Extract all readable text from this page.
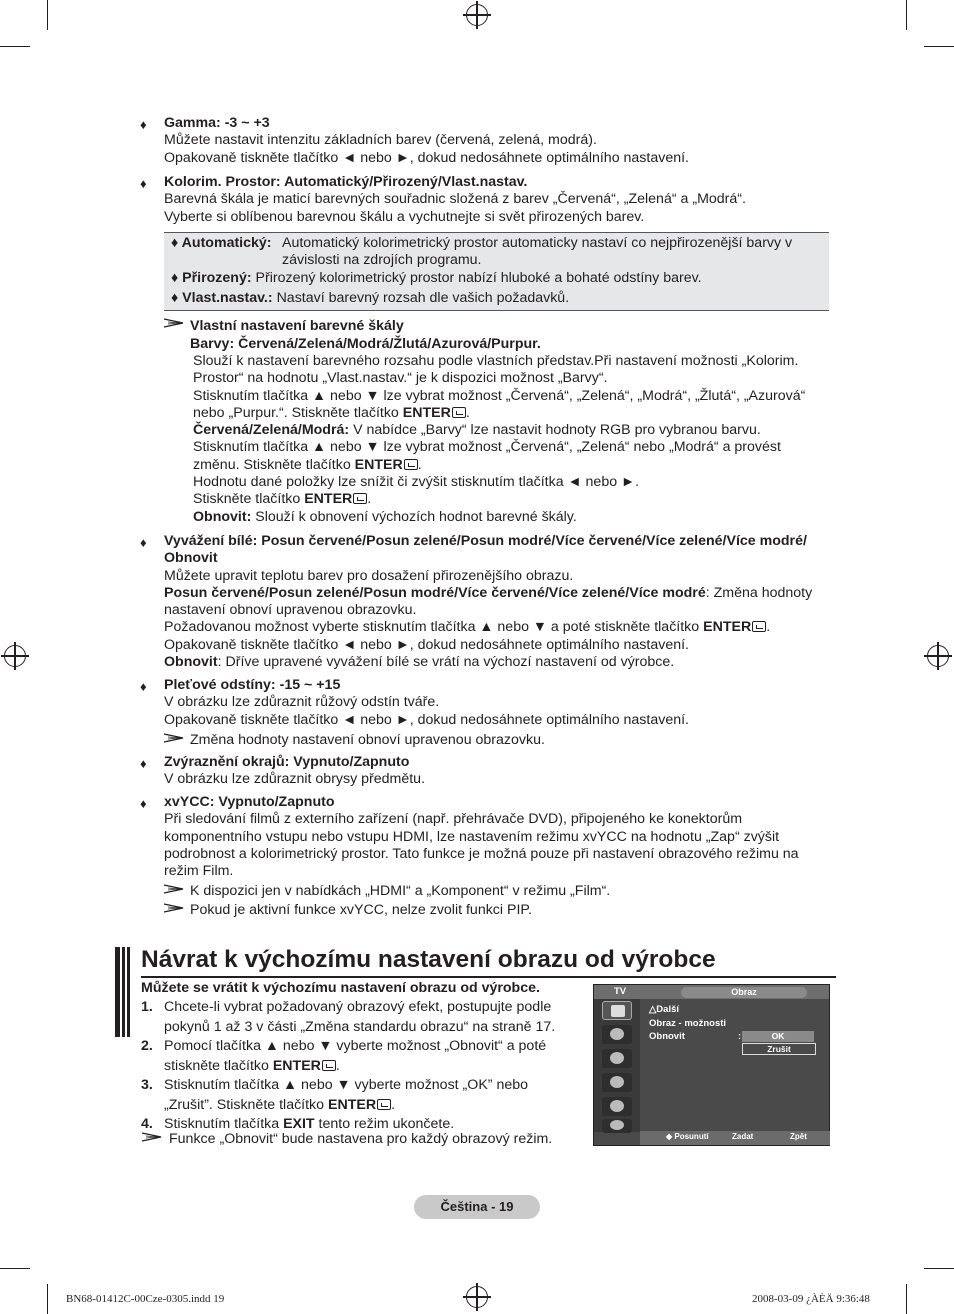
♦ Gamma: -3 ~ +3
Můžete nastavit intenzitu základních barev (červená, zelená, modrá).
Opakovaně tiskněte tlačítko ◄ nebo ►, dokud nedosáhnete optimálního nastavení.
♦ Kolorim. Prostor: Automatický/Přirozený/Vlast.nastav.
Barevná škála je maticí barevných souřadnic složená z barev „Červená“, „Zelená“ a „Modrá“.
Vyberte si oblíbenou barevnou škálu a vychutnejte si svět přirozených barev.
♦ Automatický: Automatický kolorimetrický prostor automaticky nastaví co nejpřirozenější barvy v
závislosti na zdrojích programu.
♦ Přirozený: Přirozený kolorimetrický prostor nabízí hluboké a bohaté odstíny barev.
♦ Vlast.nastav.: Nastaví barevný rozsah dle vašich požadavků.
Vlastní nastavení barevné škály
Barvy: Červená/Zelená/Modrá/Žlutá/Azurová/Purpur.
Slouží k nastavení barevného rozsahu podle vlastních představ.Při nastavení možnosti „Kolorim.
Prostor“ na hodnotu „Vlast.nastav.“ je k dispozici možnost „Barvy“.
Stisknutím tlačítka ▲ nebo ▼ lze vybrat možnost „Červená“, „Zelená“, „Modrá“, „Žlutá“, „Azurová“
nebo „Purpur.“. Stiskněte tlačítko ENTER .
Červená/Zelená/Modrá: V nabídce „Barvy“ lze nastavit hodnoty RGB pro vybranou barvu.
Stisknutím tlačítka ▲ nebo ▼ lze vybrat možnost „Červená“, „Zelená“ nebo „Modrá“ a provést
změnu. Stiskněte tlačítko ENTER .
Hodnotu dané položky lze snížit či zvýšit stisknutím tlačítka ◄ nebo ►.
Stiskněte tlačítko ENTER .
Obnovit: Slouží k obnovení výchozích hodnot barevné škály.
♦ Vyvážení bílé: Posun červené/Posun zelené/Posun modré/Více červené/Více zelené/Více modré/
Obnovit
Můžete upravit teplotu barev pro dosažení přirozenějšího obrazu.
Posun červené/Posun zelené/Posun modré/Více červené/Více zelené/Více modré: Změna hodnoty
nastavení obnoví upravenou obrazovku.
Požadovanou možnost vyberte stisknutím tlačítka ▲ nebo ▼ a poté stiskněte tlačítko ENTER .
Opakovaně tiskněte tlačítko ◄ nebo ►, dokud nedosáhnete optimálního nastavení.
Obnovit: Dříve upravené vyvážení bílé se vrátí na výchozí nastavení od výrobce.
♦ Pleťové odstíny: -15 ~ +15
V obrázku lze zdůraznit růžový odstín tváře.
Opakovaně tiskněte tlačítko ◄ nebo ►, dokud nedosáhnete optimálního nastavení.
Změna hodnoty nastavení obnoví upravenou obrazovku.
♦ Zvýraznění okrajů: Vypnuto/Zapnuto
V obrázku lze zdůraznit obrysy předmětu.
♦ xvYCC: Vypnuto/Zapnuto
Při sledování filmů z externího zařízení (např. přehrávače DVD), připojeného ke konektorům
komponentního vstupu nebo vstupu HDMI, lze nastavením režimu xvYCC na hodnotu „Zap“ zvýšit
podrobnost a kolorimetrický prostor. Tato funkce je možná pouze při nastavení obrazového režimu na
režim Film.
K dispozici jen v nabídkách „HDMI“ a „Komponent“ v režimu „Film“.
Pokud je aktivní funkce xvYCC, nelze zvolit funkci PIP.
Návrat k výchozímu nastavení obrazu od výrobce
Můžete se vrátit k výchozímu nastavení obrazu od výrobce.
1. Chcete-li vybrat požadovaný obrazový efekt, postupujte podle
pokynů 1 až 3 v části „Změna standardu obrazu“ na straně 17.
2. Pomocí tlačítka ▲ nebo ▼ vyberte možnost „Obnovit“ a poté
stiskněte tlačítko ENTER .
3. Stisknutím tlačítka ▲ nebo ▼ vyberte možnost „OK” nebo
„Zrušit”. Stiskněte tlačítko ENTER .
4. Stisknutím tlačítka EXIT tento režim ukončete.
Funkce „Obnovit“ bude nastavena pro každý obrazový režim.
TV	Obraz
△Další
Obraz - možnosti
Obnovit	:	OK
Zrušit
◆ Posunutí	Zadat	Zpět
Čeština - 19
BN68-01412C-00Cze-0305.indd 19	2008-03-09 ¿ÀÈÄ 9:36:48
